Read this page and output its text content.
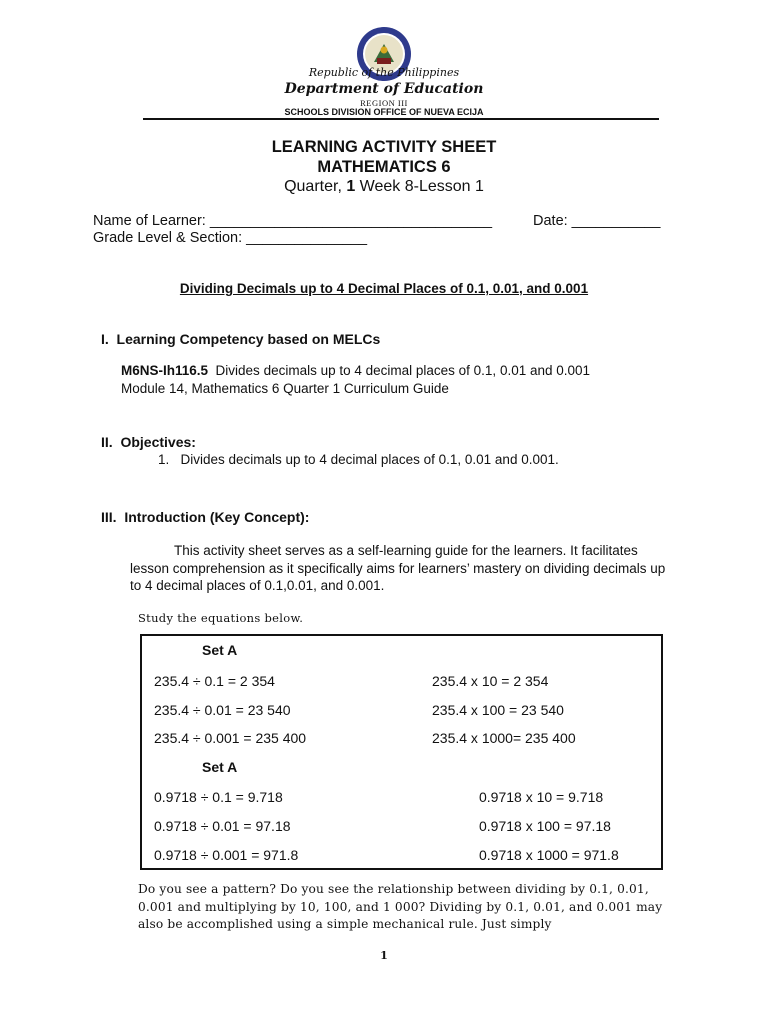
Republic of the Philippines
Department of Education
REGION III
SCHOOLS DIVISION OFFICE OF NUEVA ECIJA
LEARNING ACTIVITY SHEET
MATHEMATICS 6
Quarter, 1 Week 8-Lesson 1
Name of Learner: ___________________________________	Date: ___________
Grade Level & Section: _______________
Dividing Decimals up to 4 Decimal Places of 0.1, 0.01, and 0.001
I.  Learning Competency based on MELCs
M6NS-Ih116.5  Divides decimals up to 4 decimal places of 0.1, 0.01 and 0.001
Module 14, Mathematics 6 Quarter 1 Curriculum Guide
II.  Objectives:
1.   Divides decimals up to 4 decimal places of 0.1, 0.01 and 0.001.
III.  Introduction (Key Concept):
This activity sheet serves as a self-learning guide for the learners. It facilitates lesson comprehension as it specifically aims for learners’ mastery on dividing decimals up to 4 decimal places of 0.1,0.01, and 0.001.
Study the equations below.
Set A
235.4 ÷ 0.1 = 2 354
235.4 ÷ 0.01 = 23 540
235.4 ÷ 0.001 = 235 400
235.4 x 10 = 2 354
235.4 x 100 = 23 540
235.4 x 1000= 235 400
Set A
0.9718 ÷ 0.1 = 9.718
0.9718 ÷ 0.01 = 97.18
0.9718 ÷ 0.001 = 971.8
0.9718 x 10 = 9.718
0.9718 x 100 = 97.18
0.9718 x 1000 = 971.8
Do you see a pattern? Do you see the relationship between dividing by 0.1, 0.01, 0.001 and multiplying by 10, 100, and 1 000? Dividing by 0.1, 0.01, and 0.001 may also be accomplished using a simple mechanical rule. Just simply
1
